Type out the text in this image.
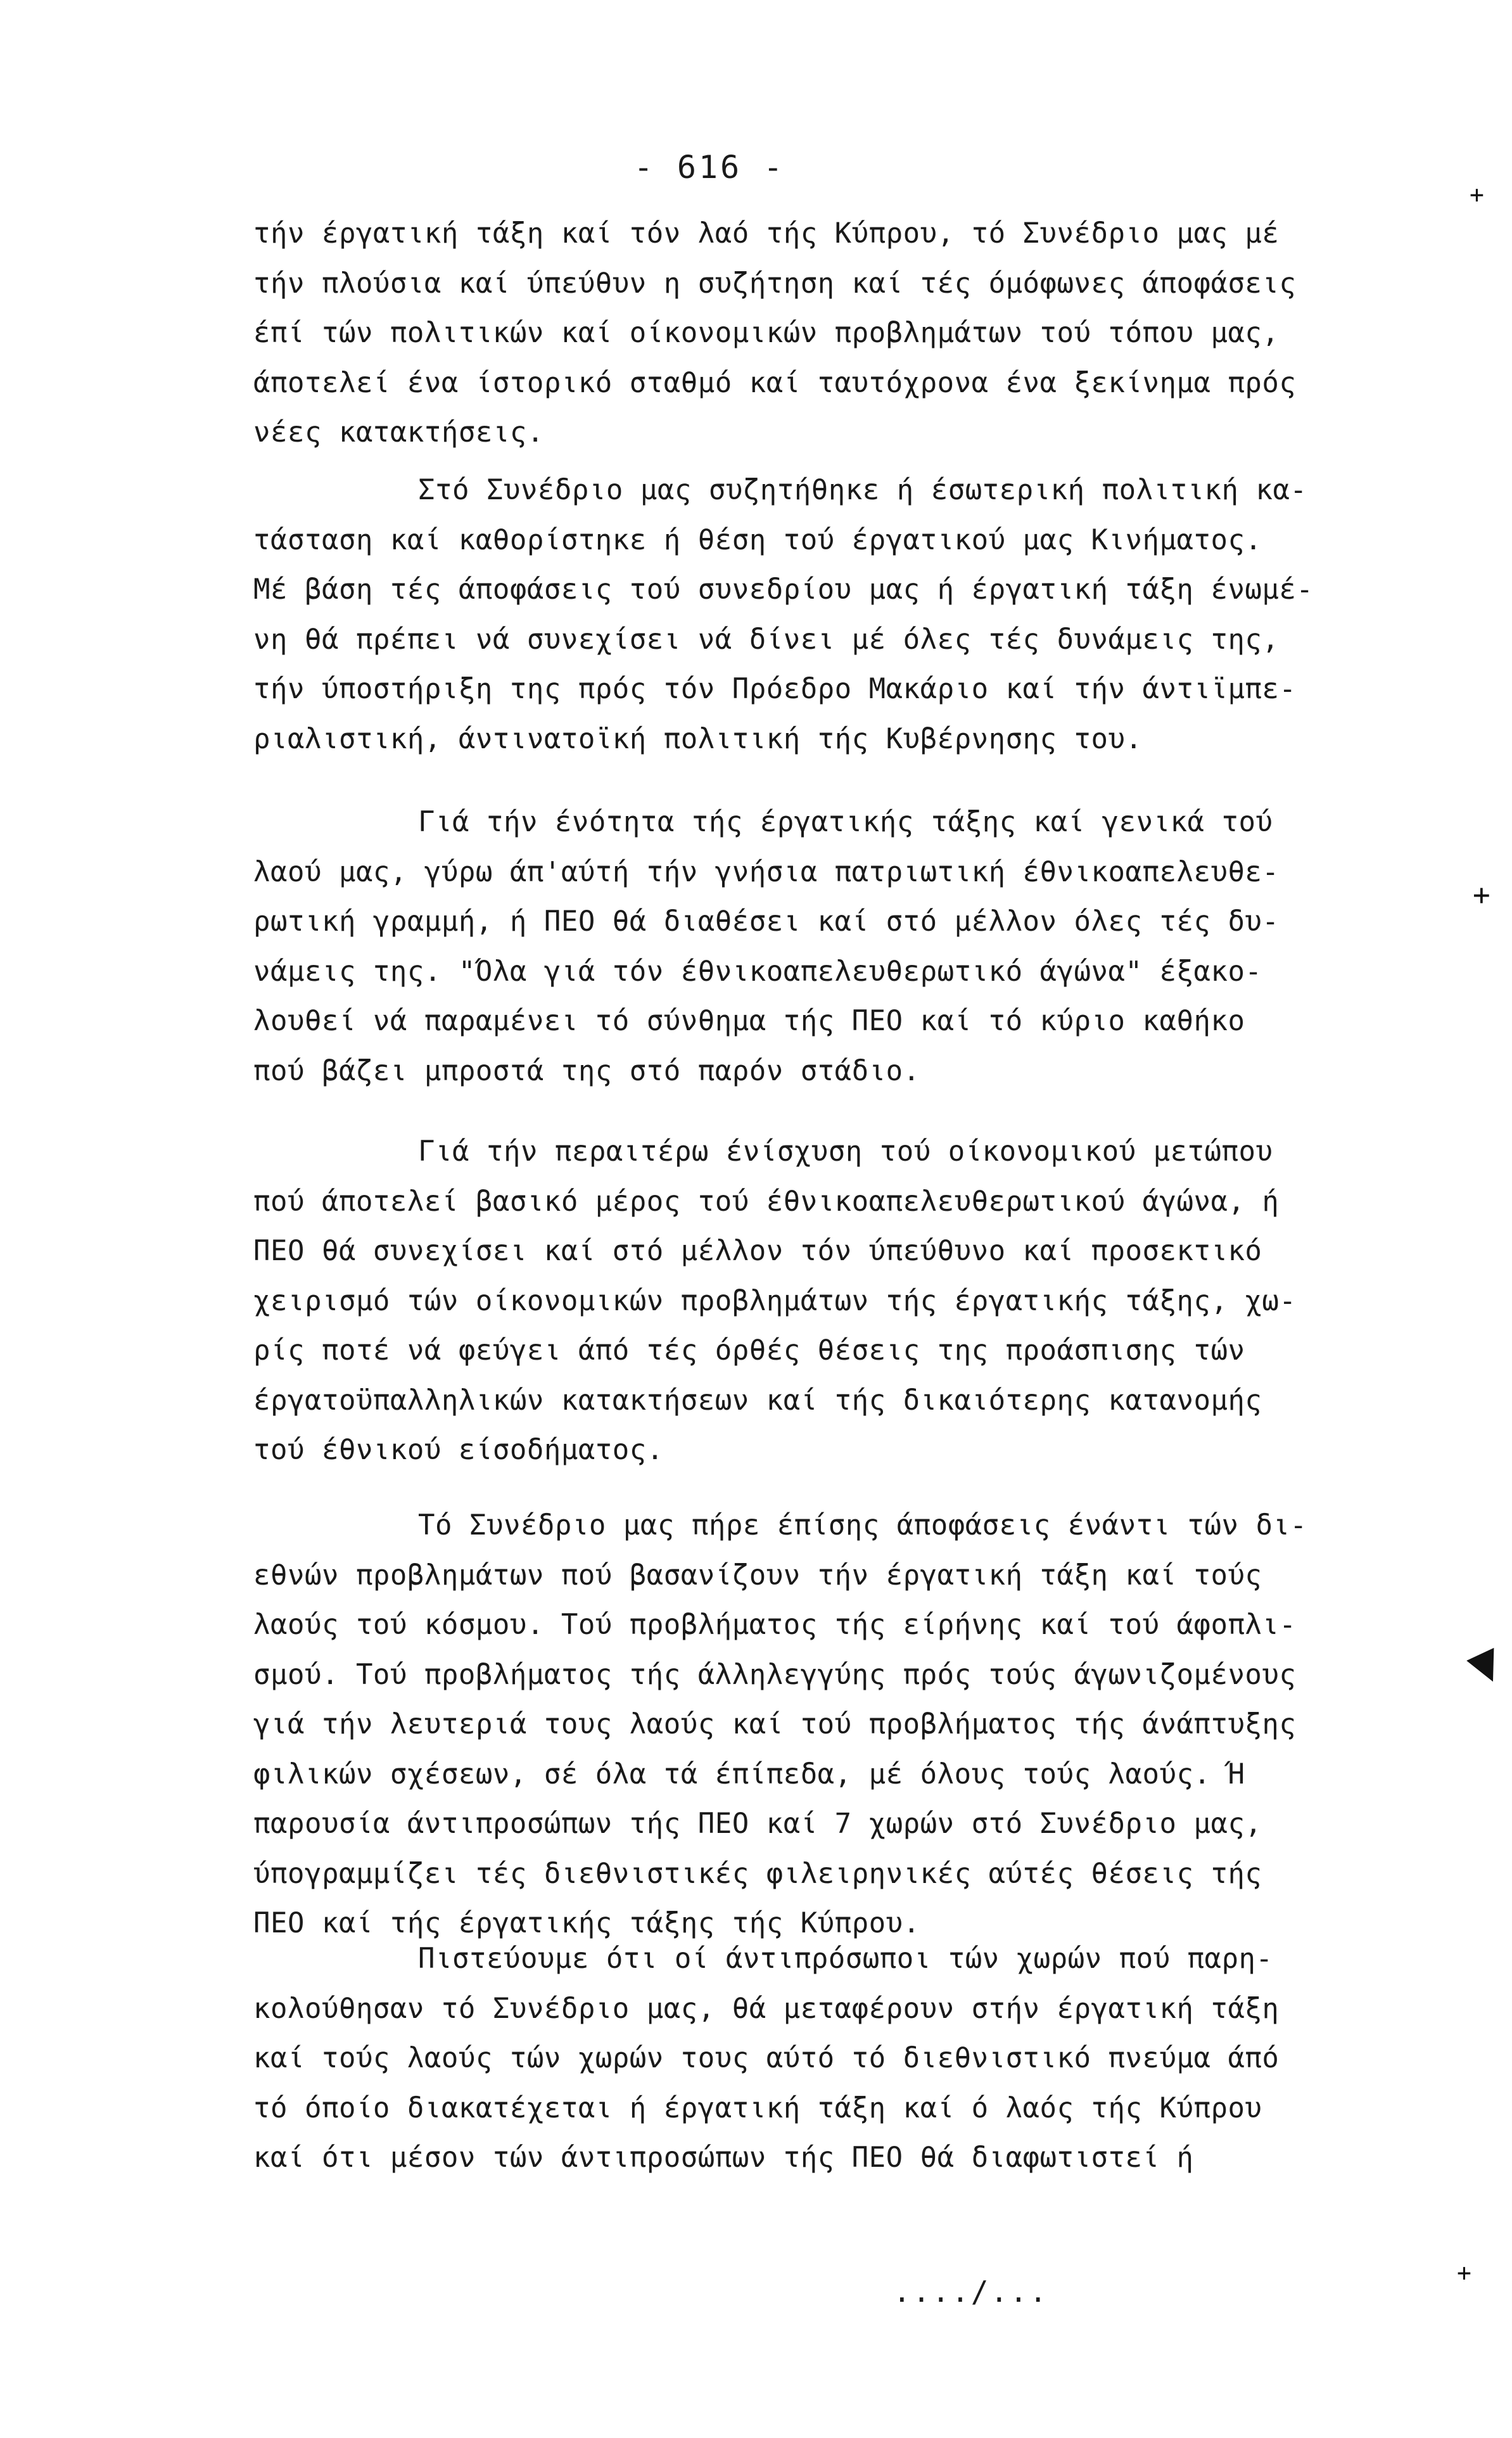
- 616 -
τήν έργατική τάξη καί τόν λαό τής Κύπρου, τό Συνέδριο μας μέ
τήν πλούσια καί ύπεύθυν η συζήτηση καί τές όμόφωνες άποφάσεις
έπί τών πολιτικών καί οίκονομικών προβλημάτων τού τόπου μας,
άποτελεί ένα ίστορικό σταθμό καί ταυτόχρονα ένα ξεκίνημα πρός
νέες κατακτήσεις.
Στό Συνέδριο μας συζητήθηκε ή έσωτερική πολιτική κα-
τάσταση καί καθορίστηκε ή θέση τού έργατικού μας Κινήματος.
Μέ βάση τές άποφάσεις τού συνεδρίου μας ή έργατική τάξη ένωμέ-
νη θά πρέπει νά συνεχίσει νά δίνει μέ όλες τές δυνάμεις της,
τήν ύποστήριξη της πρός τόν Πρόεδρο Μακάριο καί τήν άντιϊμπε-
ριαλιστική, άντινατοϊκή πολιτική τής Κυβέρνησης του.
Γιά τήν ένότητα τής έργατικής τάξης καί γενικά τού
λαού μας, γύρω άπ'αύτή τήν γνήσια πατριωτική έθνικοαπελευθε-
ρωτική γραμμή, ή ΠΕΟ θά διαθέσει καί στό μέλλον όλες τές δυ-
νάμεις της. "Όλα γιά τόν έθνικοαπελευθερωτικό άγώνα" έξακο-
λουθεί νά παραμένει τό σύνθημα τής ΠΕΟ καί τό κύριο καθήκο
πού βάζει μπροστά της στό παρόν στάδιο.
Γιά τήν περαιτέρω ένίσχυση τού οίκονομικού μετώπου
πού άποτελεί βασικό μέρος τού έθνικοαπελευθερωτικού άγώνα, ή
ΠΕΟ θά συνεχίσει καί στό μέλλον τόν ύπεύθυνο καί προσεκτικό
χειρισμό τών οίκονομικών προβλημάτων τής έργατικής τάξης, χω-
ρίς ποτέ νά φεύγει άπό τές όρθές θέσεις της προάσπισης τών
έργατοϋπαλληλικών κατακτήσεων καί τής δικαιότερης κατανομής
τού έθνικού είσοδήματος.
Τό Συνέδριο μας πήρε έπίσης άποφάσεις ένάντι τών δι-
εθνών προβλημάτων πού βασανίζουν τήν έργατική τάξη καί τούς
λαούς τού κόσμου. Τού προβλήματος τής είρήνης καί τού άφοπλι-
σμού. Τού προβλήματος τής άλληλεγγύης πρός τούς άγωνιζομένους
γιά τήν λευτεριά τους λαούς καί τού προβλήματος τής άνάπτυξης
φιλικών σχέσεων, σέ όλα τά έπίπεδα, μέ όλους τούς λαούς. Ή
παρουσία άντιπροσώπων τής ΠΕΟ καί 7 χωρών στό Συνέδριο μας,
ύπογραμμίζει τές διεθνιστικές φιλειρηνικές αύτές θέσεις τής
ΠΕΟ καί τής έργατικής τάξης τής Κύπρου.
Πιστεύουμε ότι οί άντιπρόσωποι τών χωρών πού παρη-
κολούθησαν τό Συνέδριο μας, θά μεταφέρουν στήν έργατική τάξη
καί τούς λαούς τών χωρών τους αύτό τό διεθνιστικό πνεύμα άπό
τό όποίο διακατέχεται ή έργατική τάξη καί ό λαός τής Κύπρου
καί ότι μέσον τών άντιπροσώπων τής ΠΕΟ θά διαφωτιστεί ή
..../...
+
+
▼
+
